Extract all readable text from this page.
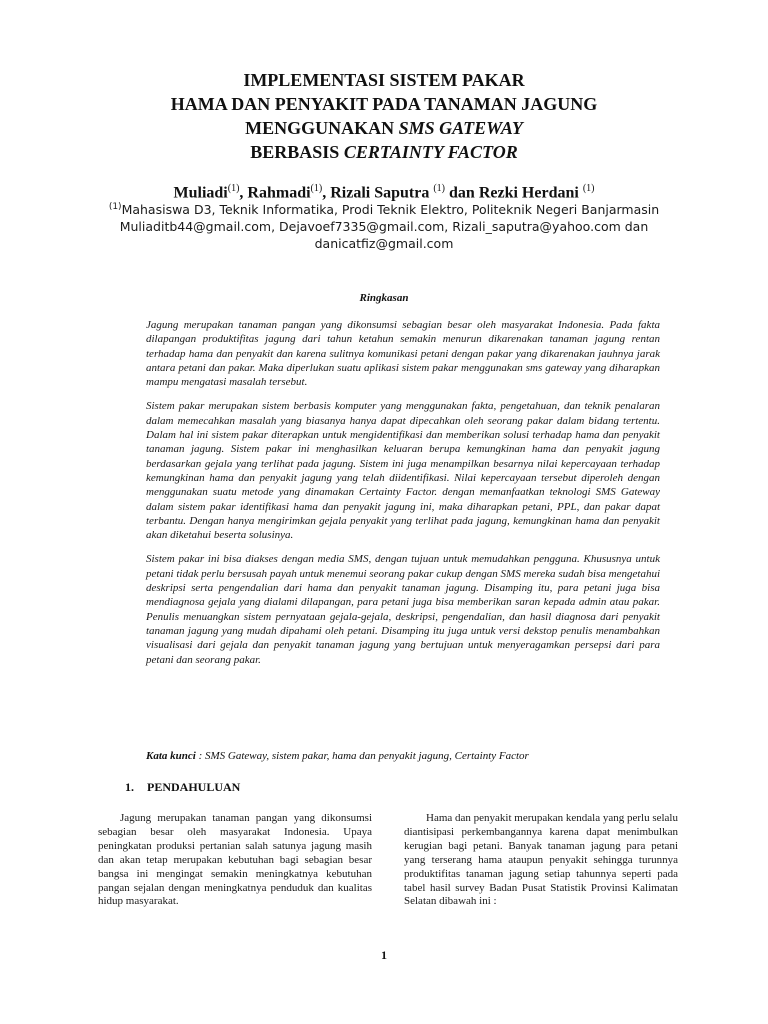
IMPLEMENTASI SISTEM PAKAR
HAMA DAN PENYAKIT PADA TANAMAN JAGUNG
MENGGUNAKAN SMS GATEWAY
BERBASIS CERTAINTY FACTOR
Muliadi$^{(1)}$, Rahmadi$^{(1)}$, Rizali Saputra $^{(1)}$ dan Rezki Herdani $^{(1)}$
$^{(1)}$Mahasiswa D3, Teknik Informatika, Prodi Teknik Elektro, Politeknik Negeri Banjarmasin
Muliaditb44@gmail.com, Dejavoef7335@gmail.com, Rizali_saputra@yahoo.com dan
danicatfiz@gmail.com
Ringkasan

Jagung merupakan tanaman pangan yang dikonsumsi sebagian besar oleh masyarakat Indonesia. Pada fakta dilapangan produktifitas jagung dari tahun ketahun semakin menurun dikarenakan tanaman jagung rentan terhadap hama dan penyakit dan karena sulitnya komunikasi petani dengan pakar yang dikarenakan jauhnya jarak antara petani dan pakar. Maka diperlukan suatu aplikasi sistem pakar menggunakan sms gateway yang diharapkan mampu mengatasi masalah tersebut.

Sistem pakar merupakan sistem berbasis komputer yang menggunakan fakta, pengetahuan, dan teknik penalaran dalam memecahkan masalah yang biasanya hanya dapat dipecahkan oleh seorang pakar dalam bidang tertentu. Dalam hal ini sistem pakar diterapkan untuk mengidentifikasi dan memberikan solusi terhadap hama dan penyakit tanaman jagung. Sistem pakar ini menghasilkan keluaran berupa kemungkinan hama dan penyakit jagung berdasarkan gejala yang terlihat pada jagung. Sistem ini juga menampilkan besarnya nilai kepercayaan terhadap kemungkinan hama dan penyakit jagung yang telah diidentifikasi. Nilai kepercayaan tersebut diperoleh dengan menggunakan suatu metode yang dinamakan Certainty Factor. dengan memanfaatkan teknologi SMS Gateway dalam sistem pakar identifikasi hama dan penyakit jagung ini, maka diharapkan petani, PPL, dan pakar dapat terbantu. Dengan hanya mengirimkan gejala penyakit yang terlihat pada jagung, kemungkinan hama dan penyakit akan diketahui beserta solusinya.

Sistem pakar ini bisa diakses dengan media SMS, dengan tujuan untuk memudahkan pengguna. Khususnya untuk petani tidak perlu bersusah payah untuk menemui seorang pakar cukup dengan SMS mereka sudah bisa mengetahui deskripsi serta pengendalian dari hama dan penyakit tanaman jagung. Disamping itu, para petani juga bisa mendiagnosa gejala yang dialami dilapangan, para petani juga bisa memberikan saran kepada admin atau pakar. Penulis menuangkan sistem pernyataan gejala-gejala, deskripsi, pengendalian, dan hasil diagnosa dari penyakit tanaman jagung yang mudah dipahami oleh petani. Disamping itu juga untuk versi dekstop penulis menambahkan visualisasi dari gejala dan penyakit tanaman jagung yang bertujuan untuk menyeragamkan persepsi dari para petani dan seorang pakar.

Kata kunci : SMS Gateway, sistem pakar, hama dan penyakit jagung, Certainty Factor
1. PENDAHULUAN

Jagung merupakan tanaman pangan yang dikonsumsi sebagian besar oleh masyarakat Indonesia. Upaya peningkatan produksi pertanian salah satunya jagung masih dan akan tetap merupakan kebutuhan bagi sebagian besar bangsa ini mengingat semakin meningkatnya kebutuhan pangan sejalan dengan meningkatnya penduduk dan kualitas hidup masyarakat.

Hama dan penyakit merupakan kendala yang perlu selalu diantisipasi perkembangannya karena dapat menimbulkan kerugian bagi petani. Banyak tanaman jagung para petani yang terserang hama ataupun penyakit sehingga turunnya produktifitas tanaman jagung setiap tahunnya seperti pada tabel hasil survey Badan Pusat Statistik Provinsi Kalimatan Selatan dibawah ini :

1
